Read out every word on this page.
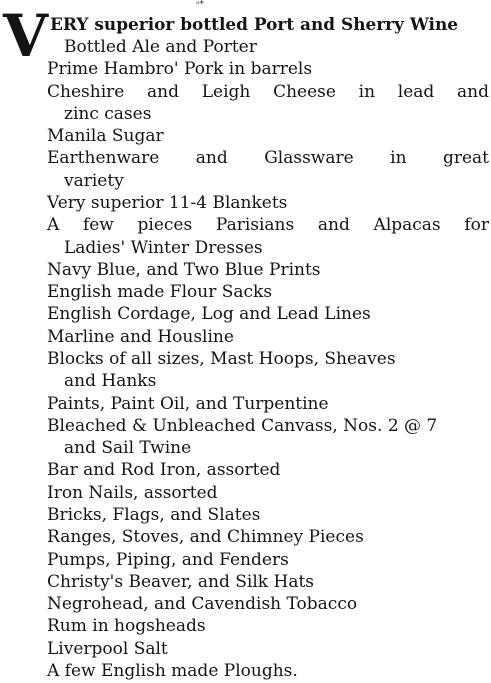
ᵊ*
V ERY superior bottled Port and Sherry Wine
Bottled Ale and Porter
Prime Hambro' Pork in barrels
Cheshire and Leigh Cheese in lead and
zinc cases
Manila Sugar
Earthenware and Glassware in great
variety
Very superior 11-4 Blankets
A few pieces Parisians and Alpacas for
Ladies' Winter Dresses
Navy Blue, and Two Blue Prints
English made Flour Sacks
English Cordage, Log and Lead Lines
Marline and Housline
Blocks of all sizes, Mast Hoops, Sheaves
and Hanks
Paints, Paint Oil, and Turpentine
Bleached & Unbleached Canvass, Nos. 2 @ 7
and Sail Twine
Bar and Rod Iron, assorted
Iron Nails, assorted
Bricks, Flags, and Slates
Ranges, Stoves, and Chimney Pieces
Pumps, Piping, and Fenders
Christy's Beaver, and Silk Hats
Negrohead, and Cavendish Tobacco
Rum in hogsheads
Liverpool Salt
A few English made Ploughs.
